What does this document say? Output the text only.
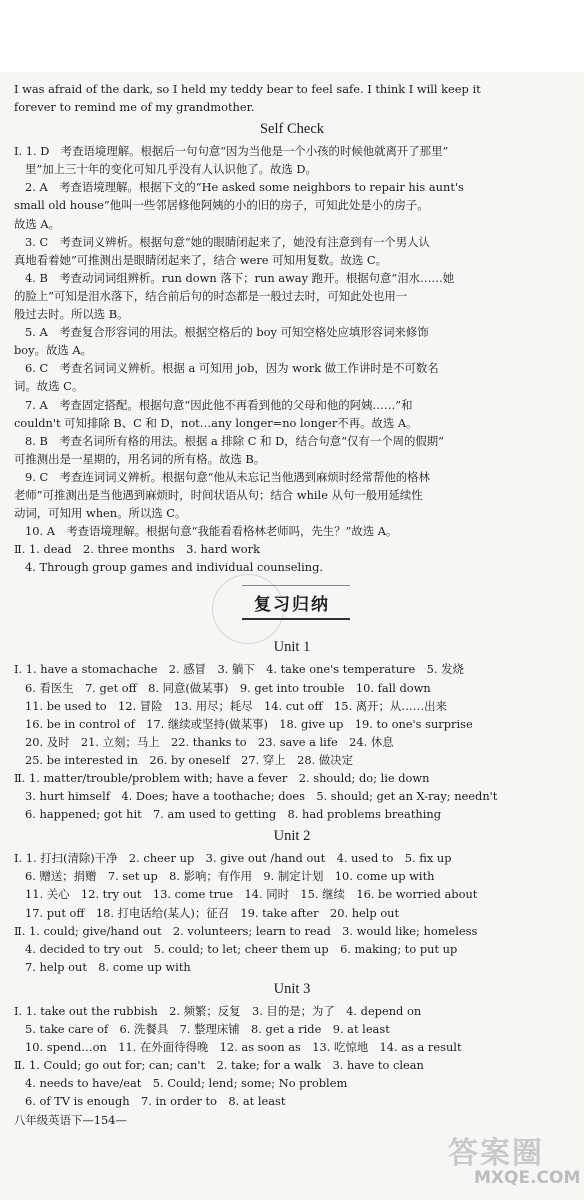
I was afraid of the dark, so I held my teddy bear to feel safe. I think I will keep it
forever to remind me of my grandmother.
Self Check
Ⅰ. 1. D　考查语境理解。根据后一句句意“因为当他是一个小孩的时候他就离开了那里”
里”加上三十年的变化可知几乎没有人认识他了。故选 D。
2. A　考查语境理解。根据下文的“He asked some neighbors to repair his aunt's
small old house”他叫一些邻居修他阿姨的小的旧的房子，可知此处是小的房子。
故选 A。
3. C　考查词义辨析。根据句意“她的眼睛闭起来了，她没有注意到有一个男人认
真地看着她”可推测出是眼睛闭起来了，结合 were 可知用复数。故选 C。
4. B　考查动词词组辨析。run down 落下；run away 跑开。根据句意“泪水……她
的脸上”可知是泪水落下，结合前后句的时态都是一般过去时，可知此处也用一
般过去时。所以选 B。
5. A　考查复合形容词的用法。根据空格后的 boy 可知空格处应填形容词来修饰
boy。故选 A。
6. C　考查名词词义辨析。根据 a 可知用 job，因为 work 做工作讲时是不可数名
词。故选 C。
7. A　考查固定搭配。根据句意“因此他不再看到他的父母和他的阿姨……”和
couldn't 可知排除 B、C 和 D，not…any longer=no longer不再。故选 A。
8. B　考查名词所有格的用法。根据 a 排除 C 和 D，结合句意“仅有一个周的假期”
可推测出是一星期的，用名词的所有格。故选 B。
9. C　考查连词词义辨析。根据句意“他从未忘记当他遇到麻烦时经常帮他的格林
老师”可推测出是当他遇到麻烦时，时间状语从句；结合 while 从句一般用延续性
动词，可知用 when。所以选 C。
10. A　考查语境理解。根据句意“我能看看格林老师吗，先生？”故选 A。
Ⅱ. 1. dead　2. three months　3. hard work
4. Through group games and individual counseling.
复习归纳
Unit 1
Ⅰ. 1. have a stomachache　2. 感冒　3. 躺下　4. take one's temperature　5. 发烧
6. 看医生　7. get off　8. 同意(做某事)　9. get into trouble　10. fall down
11. be used to　12. 冒险　13. 用尽；耗尽　14. cut off　15. 离开；从……出来
16. be in control of　17. 继续或坚持(做某事)　18. give up　19. to one's surprise
20. 及时　21. 立刻；马上　22. thanks to　23. save a life　24. 休息
25. be interested in　26. by oneself　27. 穿上　28. 做决定
Ⅱ. 1. matter/trouble/problem with; have a fever　2. should; do; lie down
3. hurt himself　4. Does; have a toothache; does　5. should; get an X-ray; needn't
6. happened; got hit　7. am used to getting　8. had problems breathing
Unit 2
Ⅰ. 1. 打扫(清除)干净　2. cheer up　3. give out /hand out　4. used to　5. fix up
6. 赠送；捐赠　7. set up　8. 影响；有作用　9. 制定计划　10. come up with
11. 关心　12. try out　13. come true　14. 同时　15. 继续　16. be worried about
17. put off　18. 打电话给(某人)；征召　19. take after　20. help out
Ⅱ. 1. could; give/hand out　2. volunteers; learn to read　3. would like; homeless
4. decided to try out　5. could; to let; cheer them up　6. making; to put up
7. help out　8. come up with
Unit 3
Ⅰ. 1. take out the rubbish　2. 频繁；反复　3. 目的是；为了　4. depend on
5. take care of　6. 洗餐具　7. 整理床铺　8. get a ride　9. at least
10. spend…on　11. 在外面待得晚　12. as soon as　13. 吃惊地　14. as a result
Ⅱ. 1. Could; go out for; can; can't　2. take; for a walk　3. have to clean
4. needs to have/eat　5. Could; lend; some; No problem
6. of TV is enough　7. in order to　8. at least
八年级英语下—154—
答案圈
MXQE.COM
